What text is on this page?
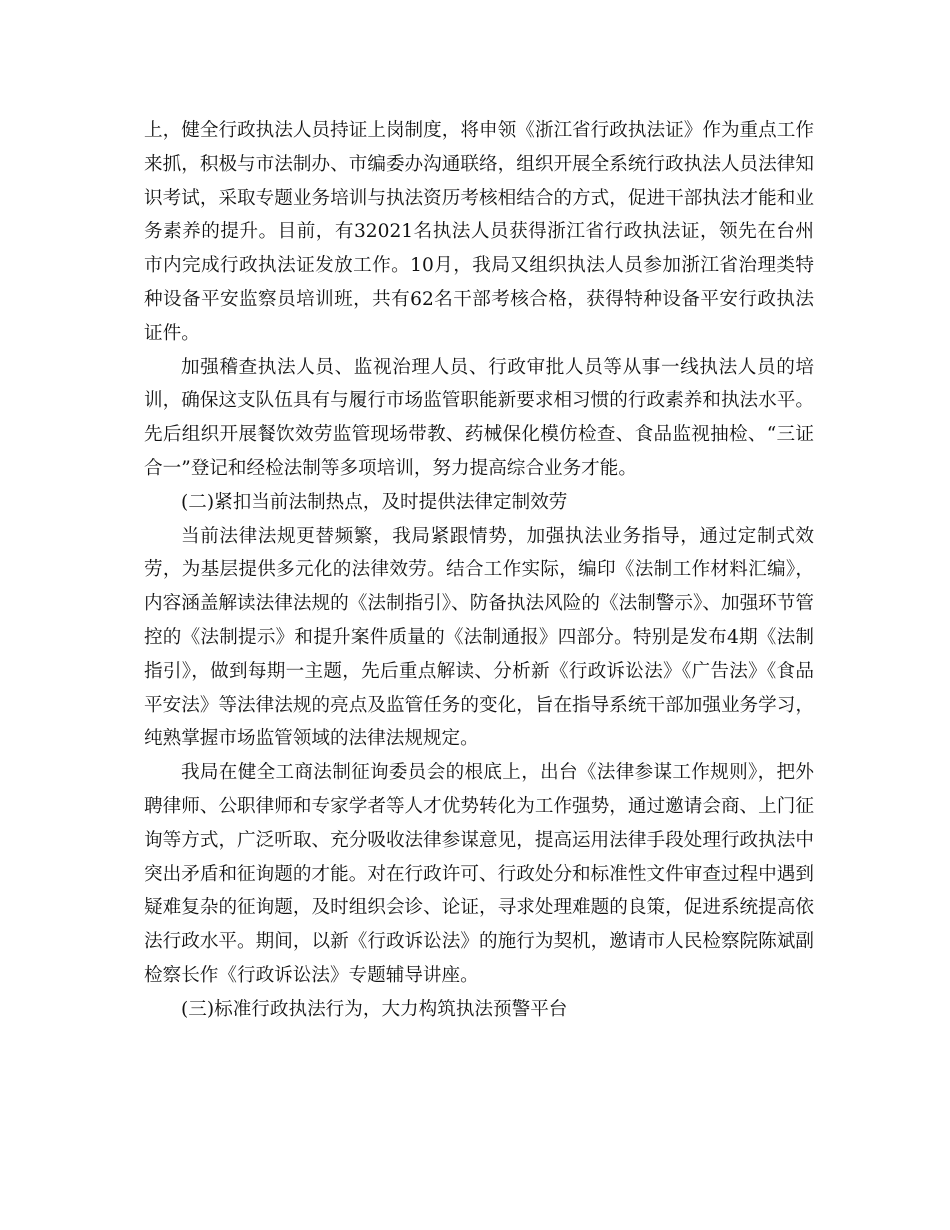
上，健全行政执法人员持证上岗制度，将申领《浙江省行政执法证》作为重点工作来抓，积极与市法制办、市编委办沟通联络，组织开展全系统行政执法人员法律知识考试，采取专题业务培训与执法资历考核相结合的方式，促进干部执法才能和业务素养的提升。目前，有32021名执法人员获得浙江省行政执法证，领先在台州市内完成行政执法证发放工作。10月，我局又组织执法人员参加浙江省治理类特种设备平安监察员培训班，共有62名干部考核合格，获得特种设备平安行政执法证件。

加强稽查执法人员、监视治理人员、行政审批人员等从事一线执法人员的培训，确保这支队伍具有与履行市场监管职能新要求相习惯的行政素养和执法水平。先后组织开展餐饮效劳监管现场带教、药械保化模仿检查、食品监视抽检、“三证合一”登记和经检法制等多项培训，努力提高综合业务才能。

(二)紧扣当前法制热点，及时提供法律定制效劳

当前法律法规更替频繁，我局紧跟情势，加强执法业务指导，通过定制式效劳，为基层提供多元化的法律效劳。结合工作实际，编印《法制工作材料汇编》，内容涵盖解读法律法规的《法制指引》、防备执法风险的《法制警示》、加强环节管控的《法制提示》和提升案件质量的《法制通报》四部分。特别是发布4期《法制指引》，做到每期一主题，先后重点解读、分析新《行政诉讼法》《广告法》《食品平安法》等法律法规的亮点及监管任务的变化，旨在指导系统干部加强业务学习，纯熟掌握市场监管领域的法律法规规定。

我局在健全工商法制征询委员会的根底上，出台《法律参谋工作规则》，把外聘律师、公职律师和专家学者等人才优势转化为工作强势，通过邀请会商、上门征询等方式，广泛听取、充分吸收法律参谋意见，提高运用法律手段处理行政执法中突出矛盾和征询题的才能。对在行政许可、行政处分和标准性文件审查过程中遇到疑难复杂的征询题，及时组织会诊、论证，寻求处理难题的良策，促进系统提高依法行政水平。期间，以新《行政诉讼法》的施行为契机，邀请市人民检察院陈斌副检察长作《行政诉讼法》专题辅导讲座。

(三)标准行政执法行为，大力构筑执法预警平台
